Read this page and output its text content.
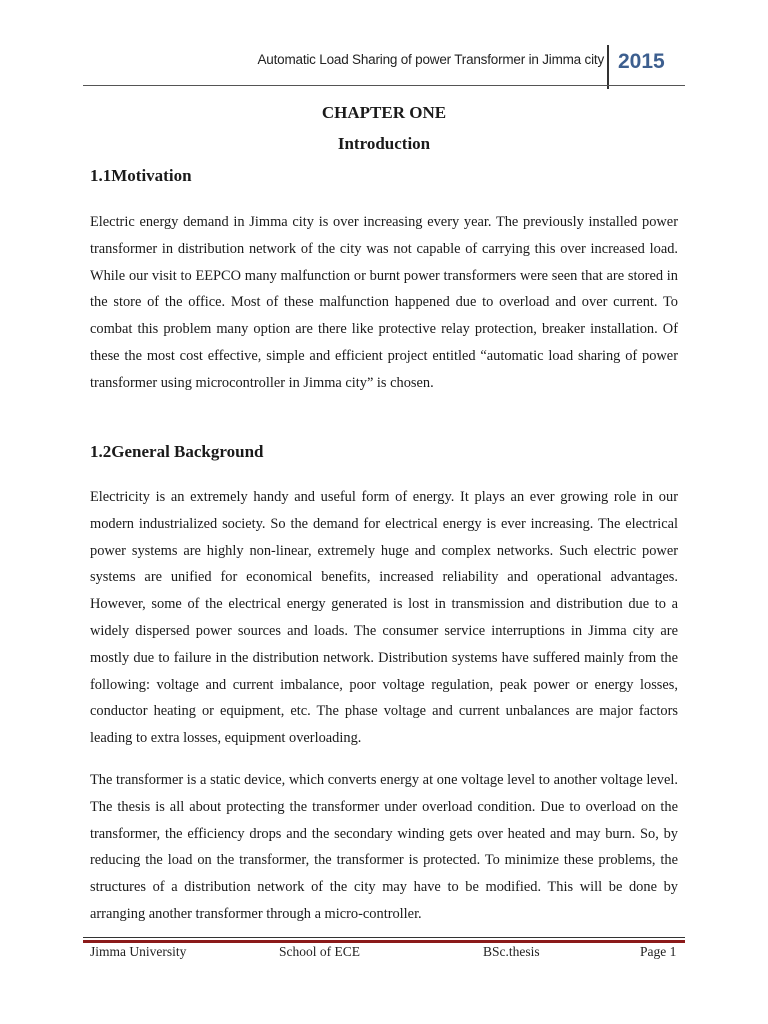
Automatic Load Sharing of power Transformer in Jimma city 2015
CHAPTER ONE
Introduction
1.1Motivation

Electric energy demand in Jimma city is over increasing every year. The previously installed power transformer in distribution network of the city was not capable of carrying this over increased load. While our visit to EEPCO many malfunction or burnt power transformers were seen that are stored in the store of the office. Most of these malfunction happened due to overload and over current. To combat this problem many option are there like protective relay protection, breaker installation. Of these the most cost effective, simple and efficient project entitled “automatic load sharing of power transformer using microcontroller in Jimma city” is chosen.

1.2General Background

Electricity is an extremely handy and useful form of energy. It plays an ever growing role in our modern industrialized society. So the demand for electrical energy is ever increasing. The electrical power systems are highly non-linear, extremely huge and complex networks. Such electric power systems are unified for economical benefits, increased reliability and operational advantages. However, some of the electrical energy generated is lost in transmission and distribution due to a widely dispersed power sources and loads. The consumer service interruptions in Jimma city are mostly due to failure in the distribution network. Distribution systems have suffered mainly from the following: voltage and current imbalance, poor voltage regulation, peak power or energy losses, conductor heating or equipment, etc. The phase voltage and current unbalances are major factors leading to extra losses, equipment overloading.

The transformer is a static device, which converts energy at one voltage level to another voltage level. The thesis is all about protecting the transformer under overload condition. Due to overload on the transformer, the efficiency drops and the secondary winding gets over heated and may burn. So, by reducing the load on the transformer, the transformer is protected. To minimize these problems, the structures of a distribution network of the city may have to be modified. This will be done by arranging another transformer through a micro-controller.

Jimma University	School of ECE	BSc.thesis	Page 1
